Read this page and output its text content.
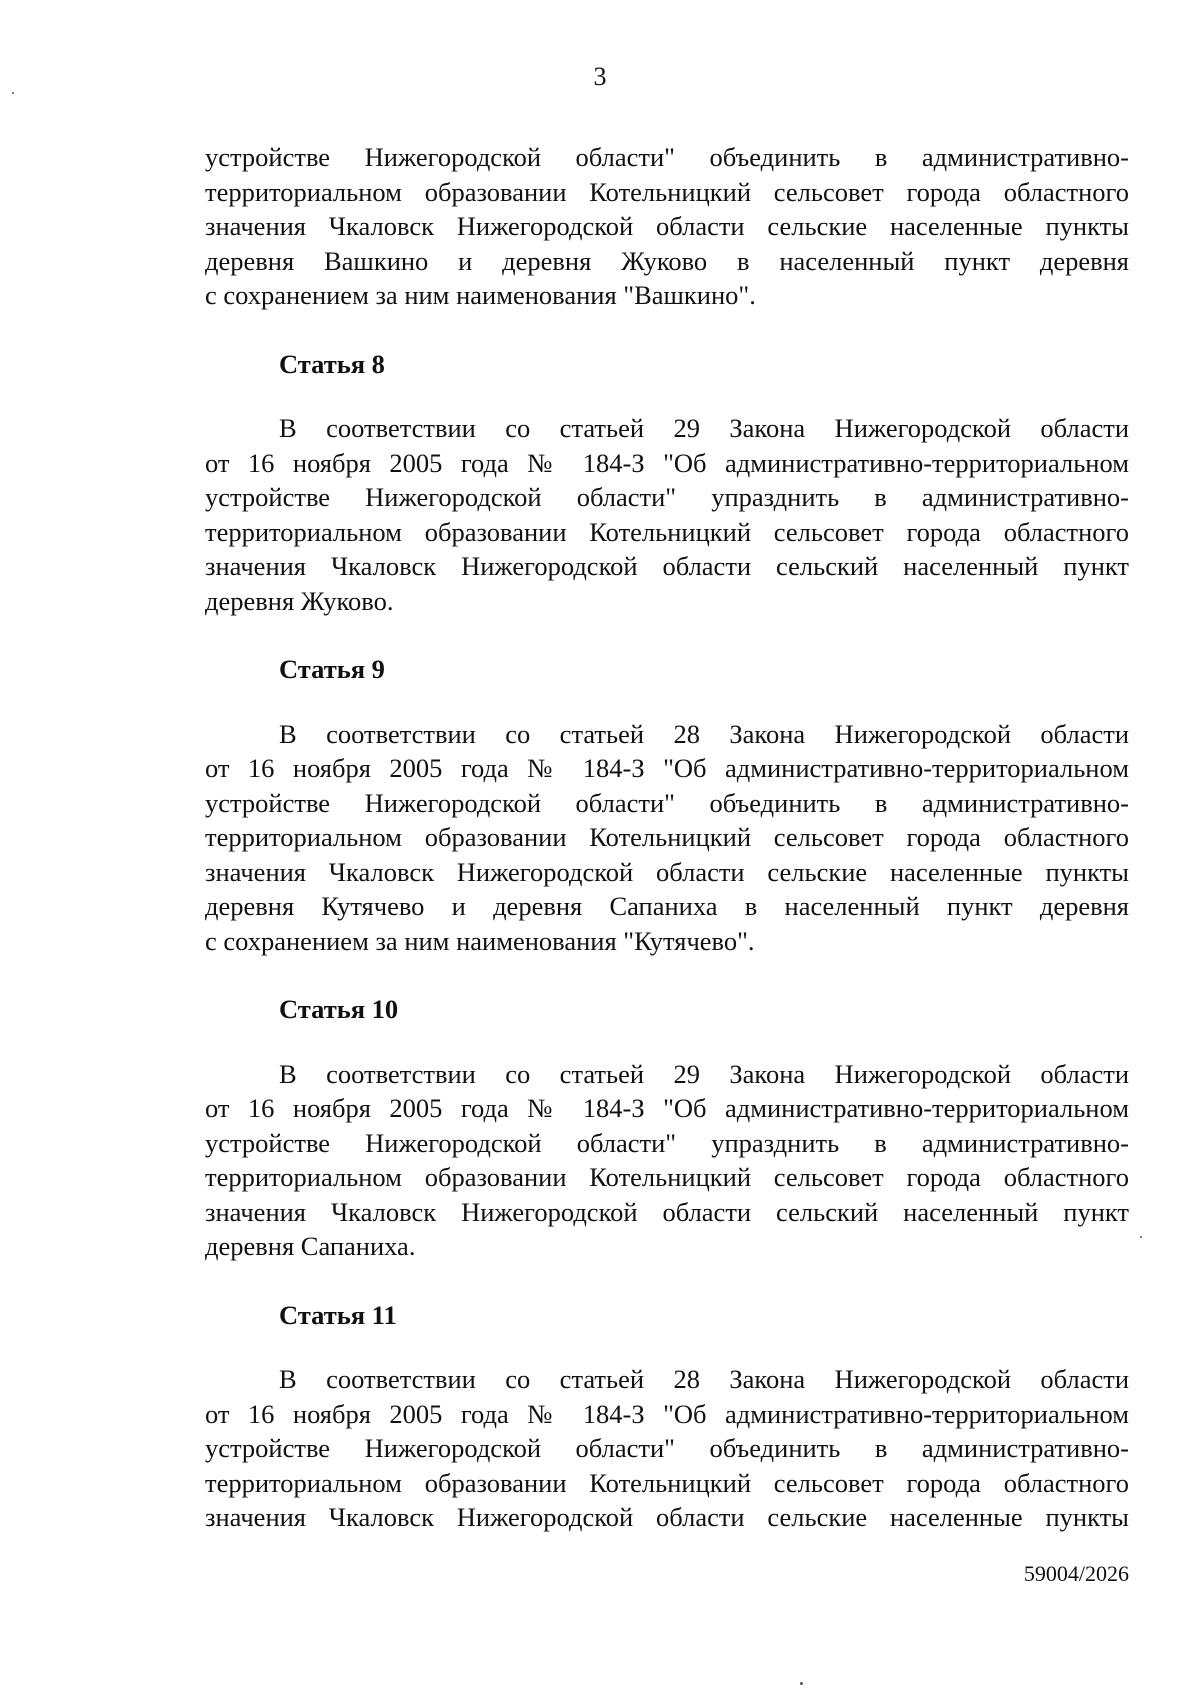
3
устройстве Нижегородской области" объединить в административно-
территориальном образовании Котельницкий сельсовет города областного
значения Чкаловск Нижегородской области сельские населенные пункты
деревня Вашкино и деревня Жуково в населенный пункт деревня
с сохранением за ним наименования "Вашкино".
Статья 8
В соответствии со статьей 29 Закона Нижегородской области
от 16 ноября 2005 года № 184-З "Об административно-территориальном
устройстве Нижегородской области" упразднить в административно-
территориальном образовании Котельницкий сельсовет города областного
значения Чкаловск Нижегородской области сельский населенный пункт
деревня Жуково.
Статья 9
В соответствии со статьей 28 Закона Нижегородской области
от 16 ноября 2005 года № 184-З "Об административно-территориальном
устройстве Нижегородской области" объединить в административно-
территориальном образовании Котельницкий сельсовет города областного
значения Чкаловск Нижегородской области сельские населенные пункты
деревня Кутячево и деревня Сапаниха в населенный пункт деревня
с сохранением за ним наименования "Кутячево".
Статья 10
В соответствии со статьей 29 Закона Нижегородской области
от 16 ноября 2005 года № 184-З "Об административно-территориальном
устройстве Нижегородской области" упразднить в административно-
территориальном образовании Котельницкий сельсовет города областного
значения Чкаловск Нижегородской области сельский населенный пункт
деревня Сапаниха.
Статья 11
В соответствии со статьей 28 Закона Нижегородской области
от 16 ноября 2005 года № 184-З "Об административно-территориальном
устройстве Нижегородской области" объединить в административно-
территориальном образовании Котельницкий сельсовет города областного
значения Чкаловск Нижегородской области сельские населенные пункты
59004/2026
